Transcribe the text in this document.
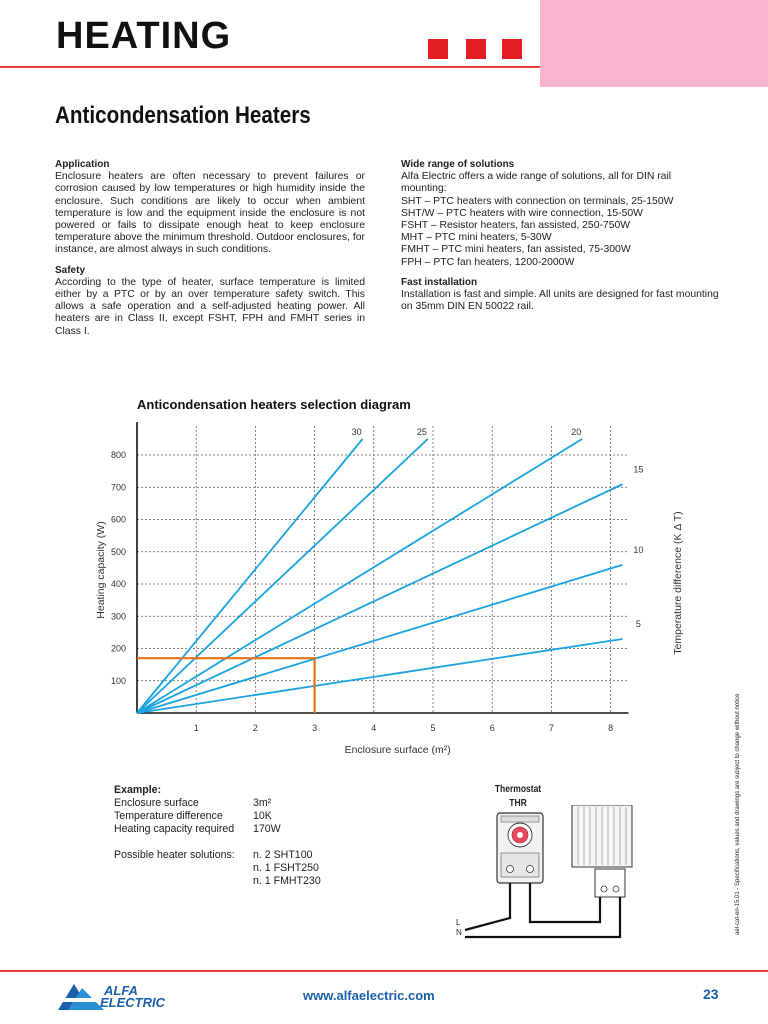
HEATING
Anticondensation Heaters
Application

Enclosure heaters are often necessary to prevent failures or corrosion caused by low temperatures or high humidity inside the enclosure. Such conditions are likely to occur when ambient temperature is low and the equipment inside the enclosure is not powered or fails to dissipate enough heat to keep enclosure temperature above the minimum threshold. Outdoor enclosures, for instance, are almost always in such conditions.

Safety

According to the type of heater, surface temperature is limited either by a PTC or by an over temperature safety switch. This allows a safe operation and a self-adjusted heating power. All heaters are in Class II, except FSHT, FPH and FMHT series in Class I.

Wide range of solutions

Alfa Electric offers a wide range of solutions, all for DIN rail mounting:

SHT – PTC heaters with connection on terminals, 25-150W

SHT/W – PTC heaters with wire connection, 15-50W

FSHT – Resistor heaters, fan assisted, 250-750W

MHT – PTC mini heaters, 5-30W

FMHT – PTC mini heaters, fan assisted, 75-300W

FPH – PTC fan heaters, 1200-2000W

Fast installation

Installation is fast and simple. All units are designed for fast mounting on 35mm DIN EN 50022 rail.

Anticondensation heaters selection diagram
1	2	3	4	5	6	7	8
100
200
300
400
500
600
700
800
5
10
15
20
25
30
Enclosure surface (m²)
Heating capacity (W)	Temperature difference (K Δ T)
Example:
Enclosure surface	3m²
Temperature difference	10K
Heating capacity required 170W
Possible heater solutions: n. 2 SHT100
n. 1 FSHT250
n. 1 FMHT230
Thermostat
THR
L
N	ael-cat-en-15.01 - Specifications, values and drawings are subject to change without notice
ALFA
ELECTRIC	www.alfaelectric.com	23
